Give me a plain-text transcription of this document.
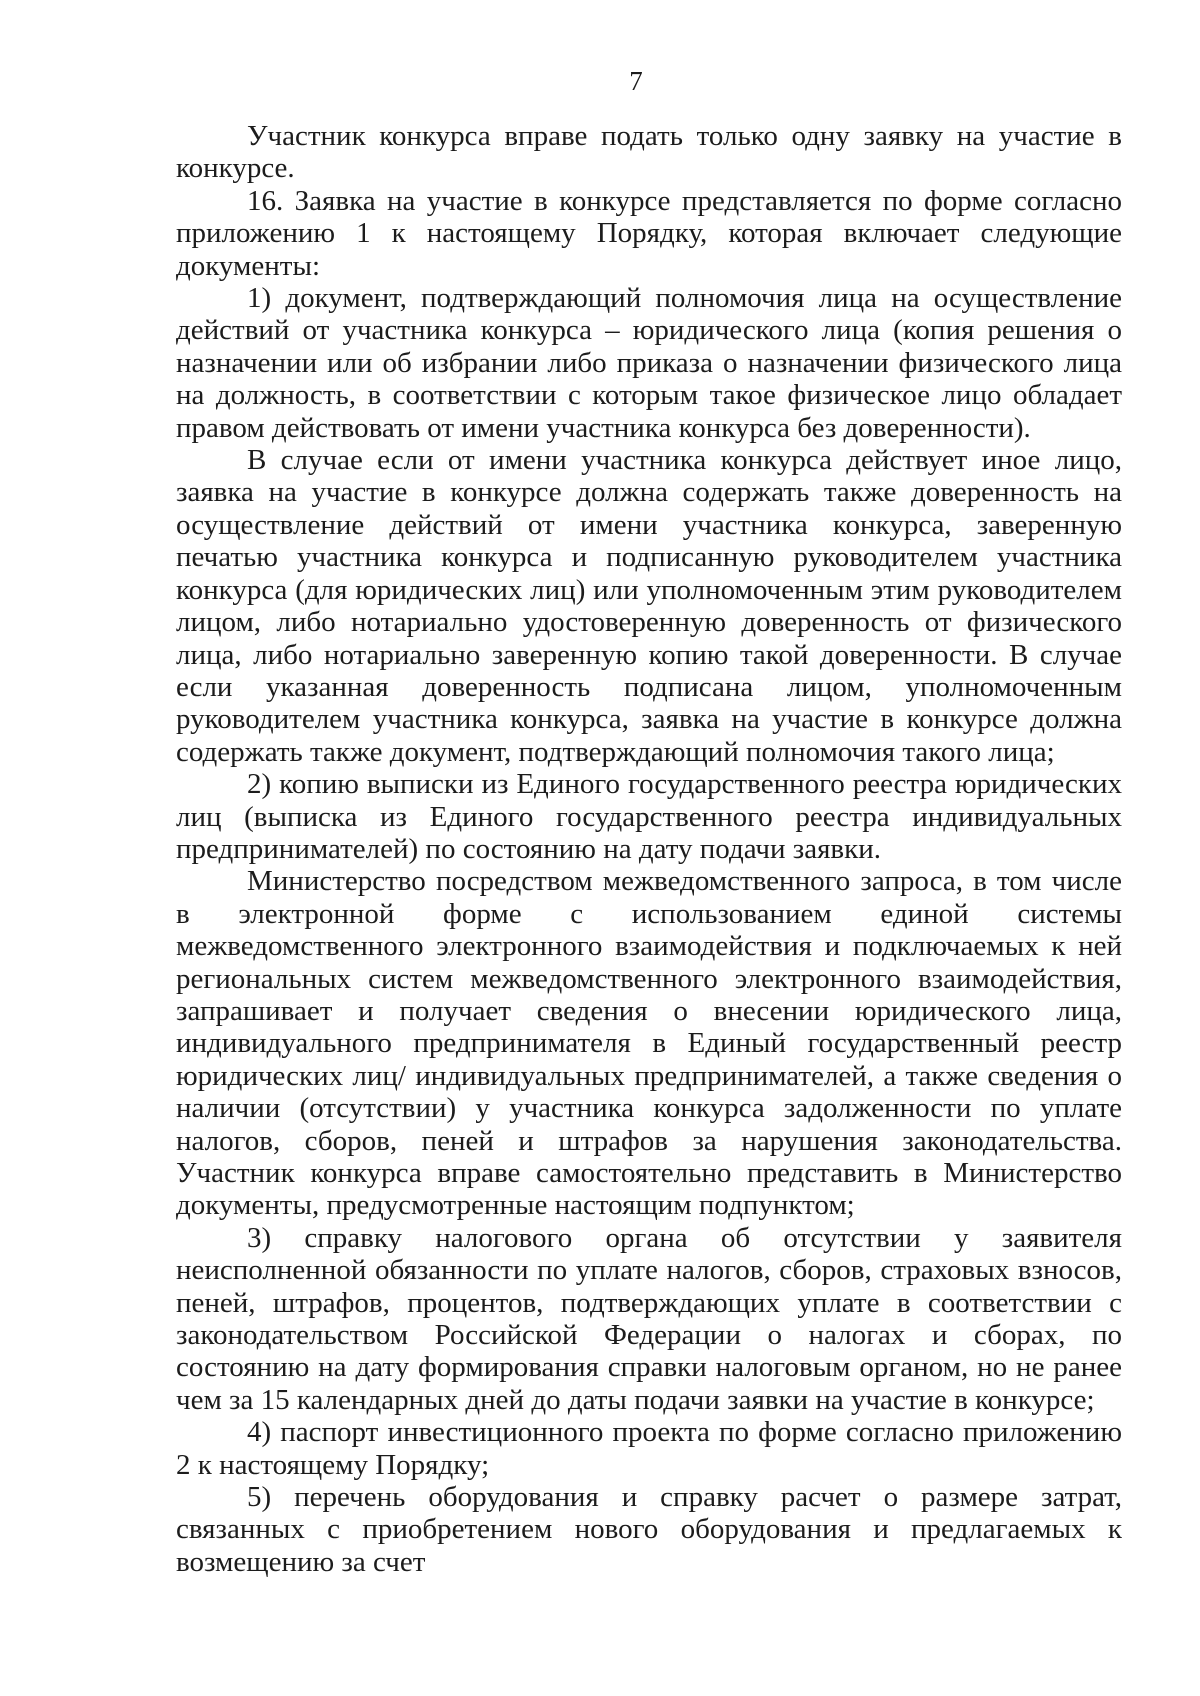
7

Участник конкурса вправе подать только одну заявку на участие в конкурсе.

16. Заявка на участие в конкурсе представляется по форме согласно приложению 1 к настоящему Порядку, которая включает следующие документы:

1) документ, подтверждающий полномочия лица на осуществление действий от участника конкурса – юридического лица (копия решения о назначении или об избрании либо приказа о назначении физического лица на должность, в соответствии с которым такое физическое лицо обладает правом действовать от имени участника конкурса без доверенности).

В случае если от имени участника конкурса действует иное лицо, заявка на участие в конкурсе должна содержать также доверенность на осуществление действий от имени участника конкурса, заверенную печатью участника конкурса и подписанную руководителем участника конкурса (для юридических лиц) или уполномоченным этим руководителем лицом, либо нотариально удостоверенную доверенность от физического лица, либо нотариально заверенную копию такой доверенности. В случае если указанная доверенность подписана лицом, уполномоченным руководителем участника конкурса, заявка на участие в конкурсе должна содержать также документ, подтверждающий полномочия такого лица;

2) копию выписки из Единого государственного реестра юридических лиц (выписка из Единого государственного реестра индивидуальных предпринимателей) по состоянию на дату подачи заявки.

Министерство посредством межведомственного запроса, в том числе в электронной форме с использованием единой системы межведомственного электронного взаимодействия и подключаемых к ней региональных систем межведомственного электронного взаимодействия, запрашивает и получает сведения о внесении юридического лица, индивидуального предпринимателя в Единый государственный реестр юридических лиц/ индивидуальных предпринимателей, а также сведения о наличии (отсутствии) у участника конкурса задолженности по уплате налогов, сборов, пеней и штрафов за нарушения законодательства. Участник конкурса вправе самостоятельно представить в Министерство документы, предусмотренные настоящим подпунктом;

3) справку налогового органа об отсутствии у заявителя неисполненной обязанности по уплате налогов, сборов, страховых взносов, пеней, штрафов, процентов, подтверждающих уплате в соответствии с законодательством Российской Федерации о налогах и сборах, по состоянию на дату формирования справки налоговым органом, но не ранее чем за 15 календарных дней до даты подачи заявки на участие в конкурсе;

4) паспорт инвестиционного проекта по форме согласно приложению 2 к настоящему Порядку;

5) перечень оборудования и справку расчет о размере затрат, связанных с приобретением нового оборудования и предлагаемых к возмещению за счет
